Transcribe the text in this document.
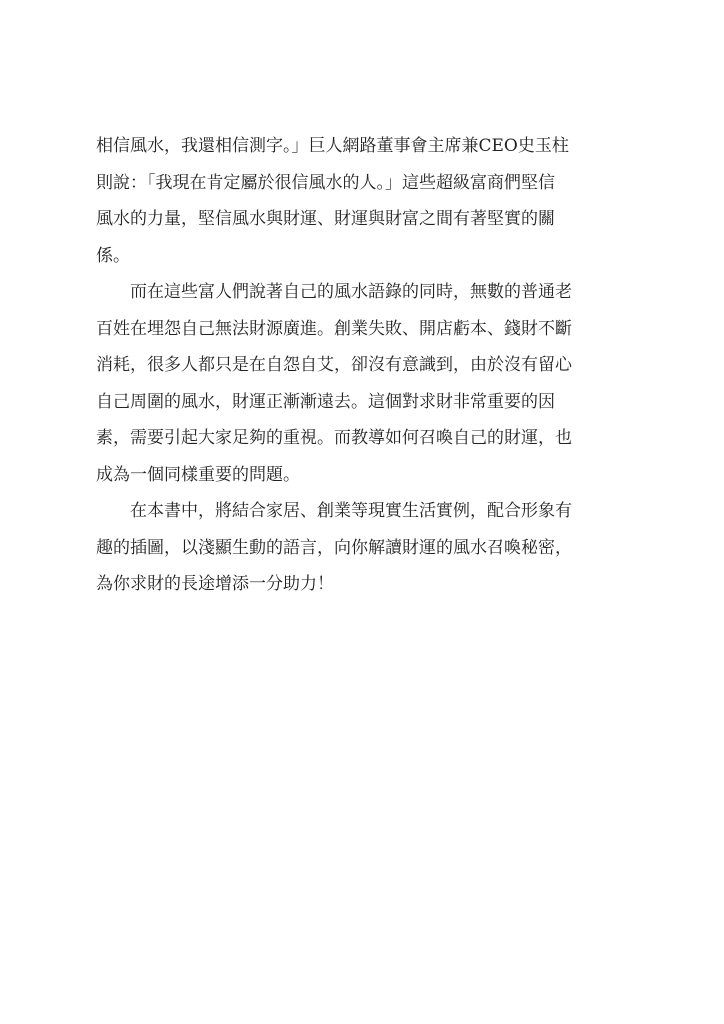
相信風水，我還相信測字。」巨人網路董事會主席兼CEO史玉柱
則說：「我現在肯定屬於很信風水的人。」這些超級富商們堅信
風水的力量，堅信風水與財運、財運與財富之間有著堅實的關
係。

而在這些富人們說著自己的風水語錄的同時，無數的普通老
百姓在埋怨自己無法財源廣進。創業失敗、開店虧本、錢財不斷
消耗，很多人都只是在自怨自艾，卻沒有意識到，由於沒有留心
自己周圍的風水，財運正漸漸遠去。這個對求財非常重要的因
素，需要引起大家足夠的重視。而教導如何召喚自己的財運，也
成為一個同樣重要的問題。

在本書中，將結合家居、創業等現實生活實例，配合形象有
趣的插圖，以淺顯生動的語言，向你解讀財運的風水召喚秘密，
為你求財的長途增添一分助力！
